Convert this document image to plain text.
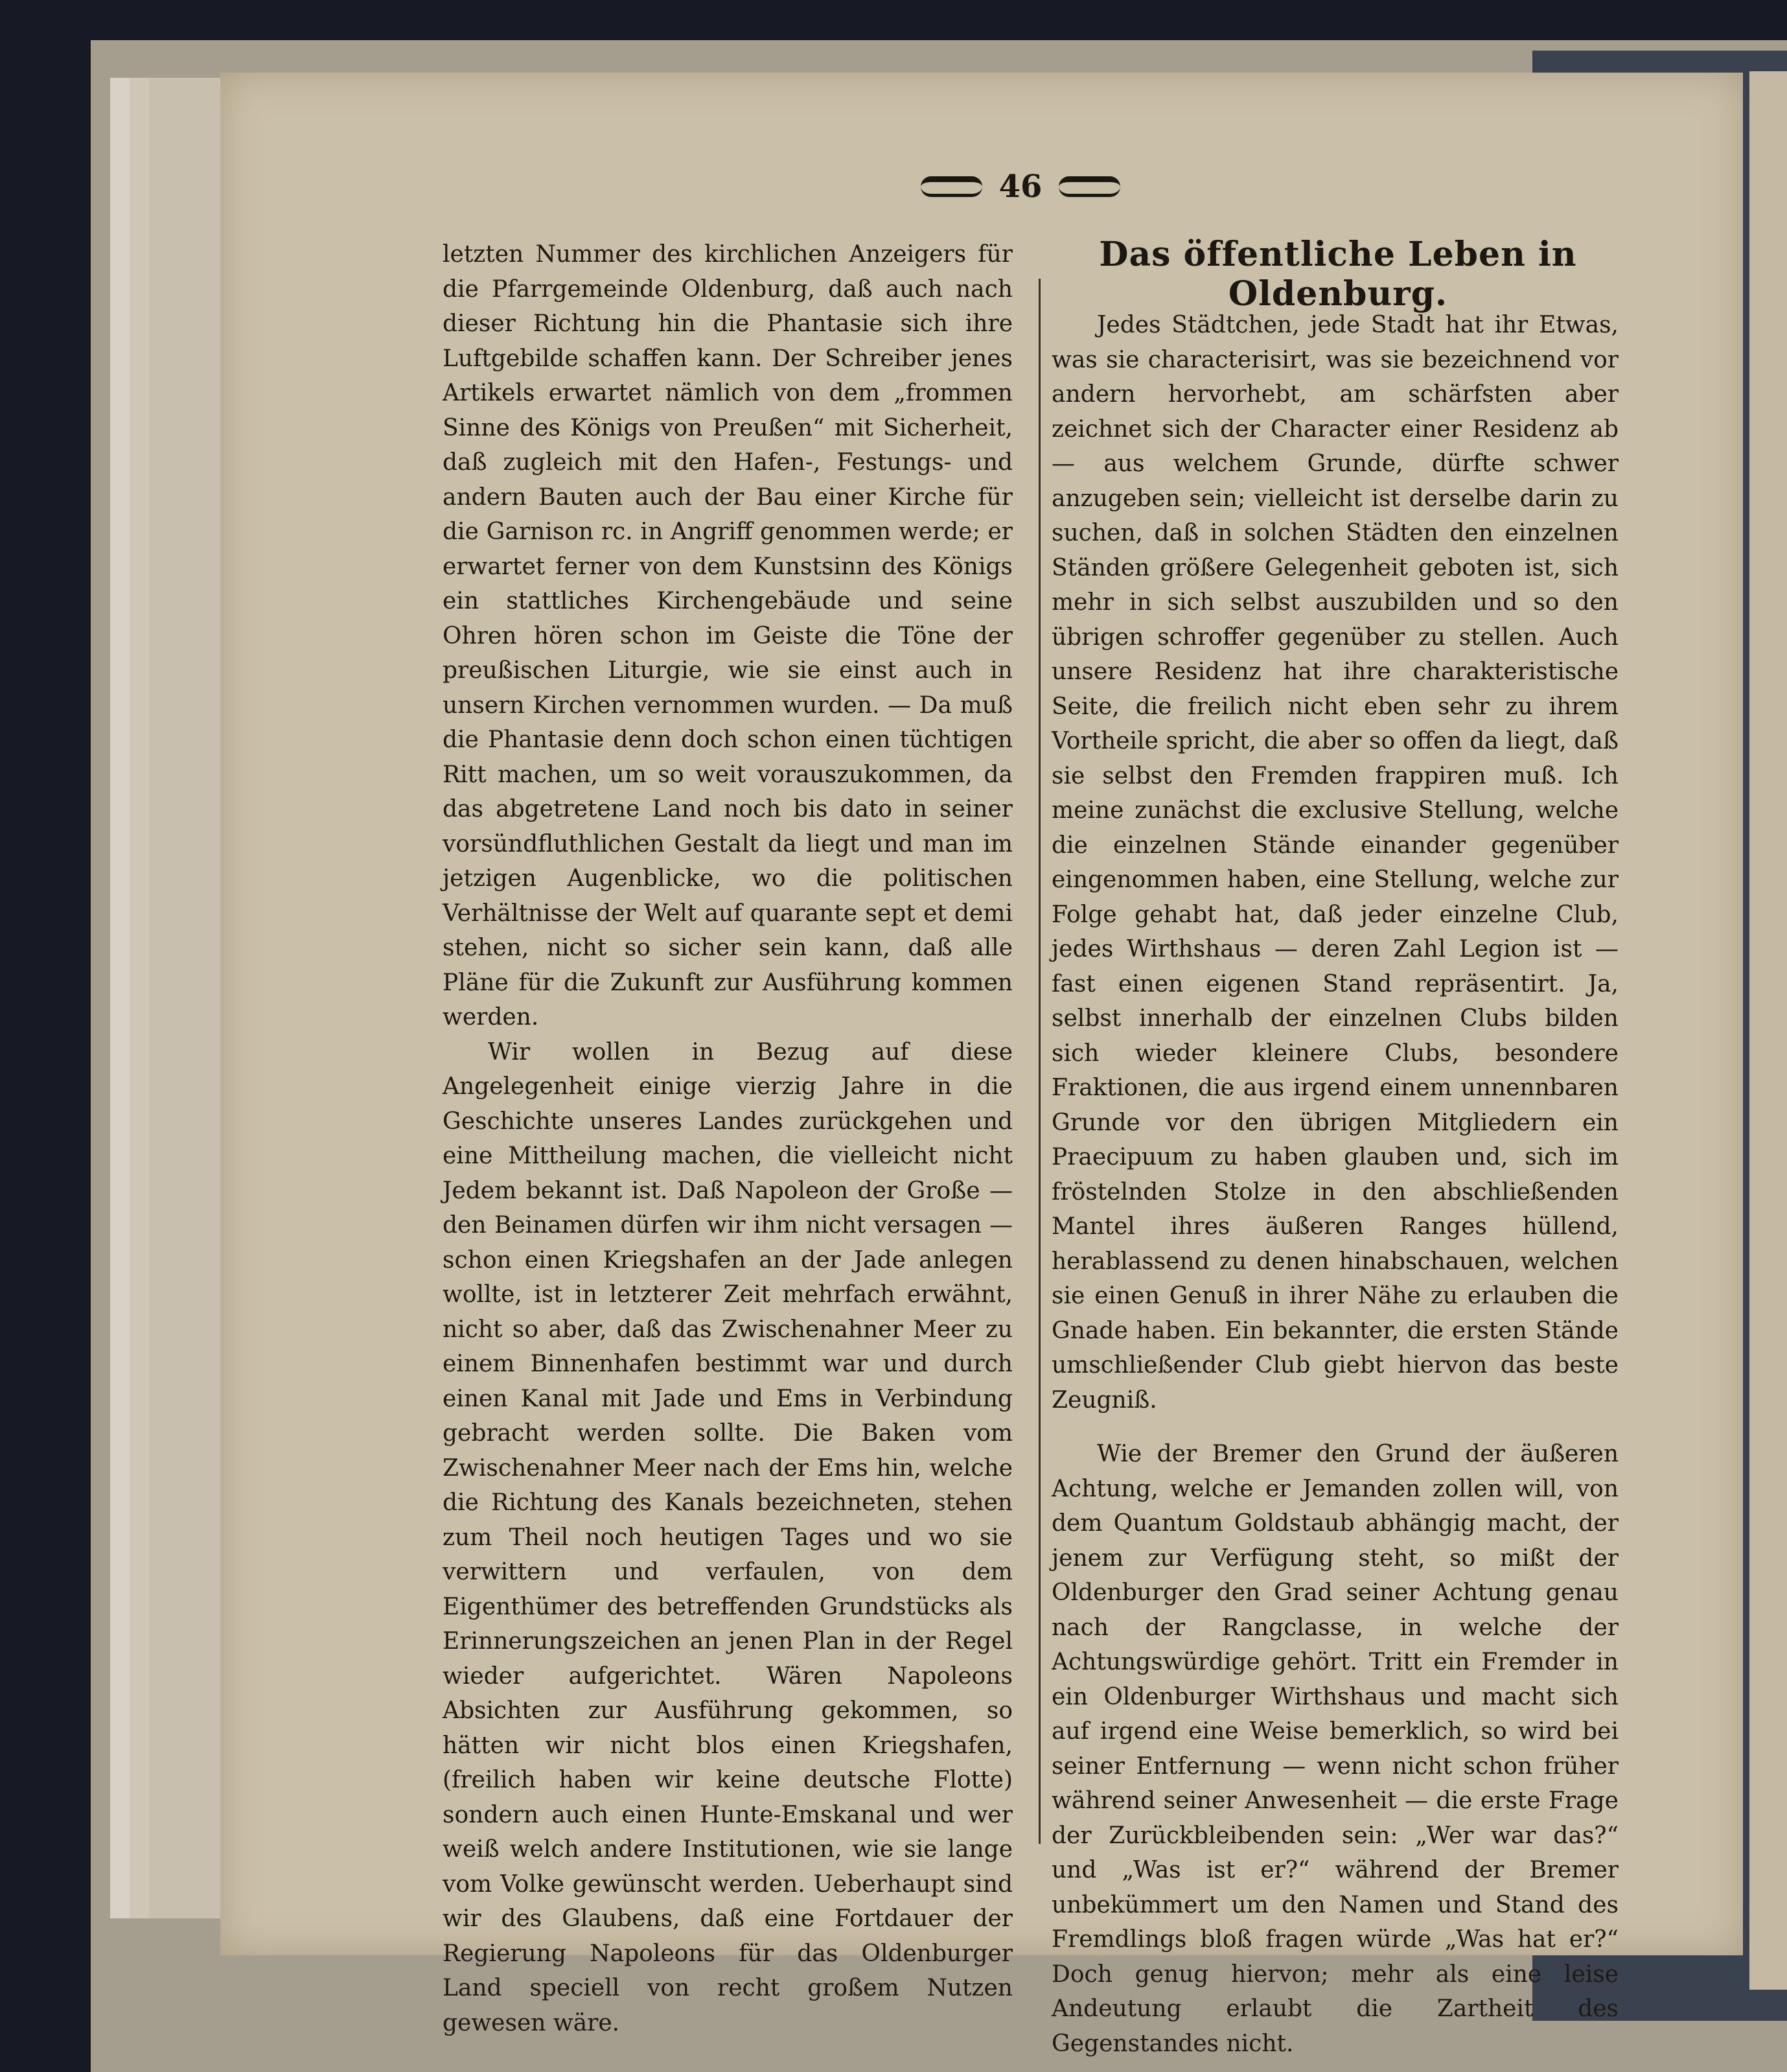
46

letzten Nummer des kirchlichen Anzeigers für die Pfarrgemeinde Oldenburg, daß auch nach dieser Richtung hin die Phantasie sich ihre Luftgebilde schaffen kann. Der Schreiber jenes Artikels erwartet nämlich von dem „frommen Sinne des Königs von Preußen“ mit Sicherheit, daß zugleich mit den Hafen-, Festungs- und andern Bauten auch der Bau einer Kirche für die Garnison rc. in Angriff genommen werde; er erwartet ferner von dem Kunstsinn des Königs ein stattliches Kirchengebäude und seine Ohren hören schon im Geiste die Töne der preußischen Liturgie, wie sie einst auch in unsern Kirchen vernommen wurden. — Da muß die Phantasie denn doch schon einen tüchtigen Ritt machen, um so weit vorauszukommen, da das abgetretene Land noch bis dato in seiner vorsündfluthlichen Gestalt da liegt und man im jetzigen Augenblicke, wo die politischen Verhältnisse der Welt auf quarante sept et demi stehen, nicht so sicher sein kann, daß alle Pläne für die Zukunft zur Ausführung kommen werden.

Wir wollen in Bezug auf diese Angelegenheit einige vierzig Jahre in die Geschichte unseres Landes zurückgehen und eine Mittheilung machen, die vielleicht nicht Jedem bekannt ist. Daß Napoleon der Große — den Beinamen dürfen wir ihm nicht versagen — schon einen Kriegshafen an der Jade anlegen wollte, ist in letzterer Zeit mehrfach erwähnt, nicht so aber, daß das Zwischenahner Meer zu einem Binnenhafen bestimmt war und durch einen Kanal mit Jade und Ems in Verbindung gebracht werden sollte. Die Baken vom Zwischenahner Meer nach der Ems hin, welche die Richtung des Kanals bezeichneten, stehen zum Theil noch heutigen Tages und wo sie verwittern und verfaulen, von dem Eigenthümer des betreffenden Grundstücks als Erinnerungszeichen an jenen Plan in der Regel wieder aufgerichtet. Wären Napoleons Absichten zur Ausführung gekommen, so hätten wir nicht blos einen Kriegshafen, (freilich haben wir keine deutsche Flotte) sondern auch einen Hunte-Emskanal und wer weiß welch andere Institutionen, wie sie lange vom Volke gewünscht werden. Ueberhaupt sind wir des Glaubens, daß eine Fortdauer der Regierung Napoleons für das Oldenburger Land speciell von recht großem Nutzen gewesen wäre.

Das öffentliche Leben in Oldenburg.

Jedes Städtchen, jede Stadt hat ihr Etwas, was sie characterisirt, was sie bezeichnend vor andern hervorhebt, am schärfsten aber zeichnet sich der Character einer Residenz ab — aus welchem Grunde, dürfte schwer anzugeben sein; vielleicht ist derselbe darin zu suchen, daß in solchen Städten den einzelnen Ständen größere Gelegenheit geboten ist, sich mehr in sich selbst auszubilden und so den übrigen schroffer gegenüber zu stellen. Auch unsere Residenz hat ihre charakteristische Seite, die freilich nicht eben sehr zu ihrem Vortheile spricht, die aber so offen da liegt, daß sie selbst den Fremden frappiren muß. Ich meine zunächst die exclusive Stellung, welche die einzelnen Stände einander gegenüber eingenommen haben, eine Stellung, welche zur Folge gehabt hat, daß jeder einzelne Club, jedes Wirthshaus — deren Zahl Legion ist — fast einen eigenen Stand repräsentirt. Ja, selbst innerhalb der einzelnen Clubs bilden sich wieder kleinere Clubs, besondere Fraktionen, die aus irgend einem unnennbaren Grunde vor den übrigen Mitgliedern ein Praecipuum zu haben glauben und, sich im fröstelnden Stolze in den abschließenden Mantel ihres äußeren Ranges hüllend, herablassend zu denen hinabschauen, welchen sie einen Genuß in ihrer Nähe zu erlauben die Gnade haben. Ein bekannter, die ersten Stände umschließender Club giebt hiervon das beste Zeugniß.

Wie der Bremer den Grund der äußeren Achtung, welche er Jemanden zollen will, von dem Quantum Goldstaub abhängig macht, der jenem zur Verfügung steht, so mißt der Oldenburger den Grad seiner Achtung genau nach der Rangclasse, in welche der Achtungswürdige gehört. Tritt ein Fremder in ein Oldenburger Wirthshaus und macht sich auf irgend eine Weise bemerklich, so wird bei seiner Entfernung — wenn nicht schon früher während seiner Anwesenheit — die erste Frage der Zurückbleibenden sein: „Wer war das?“ und „Was ist er?“ während der Bremer unbekümmert um den Namen und Stand des Fremdlings bloß fragen würde „Was hat er?“ Doch genug hiervon; mehr als eine leise Andeutung erlaubt die Zartheit des Gegenstandes nicht.
